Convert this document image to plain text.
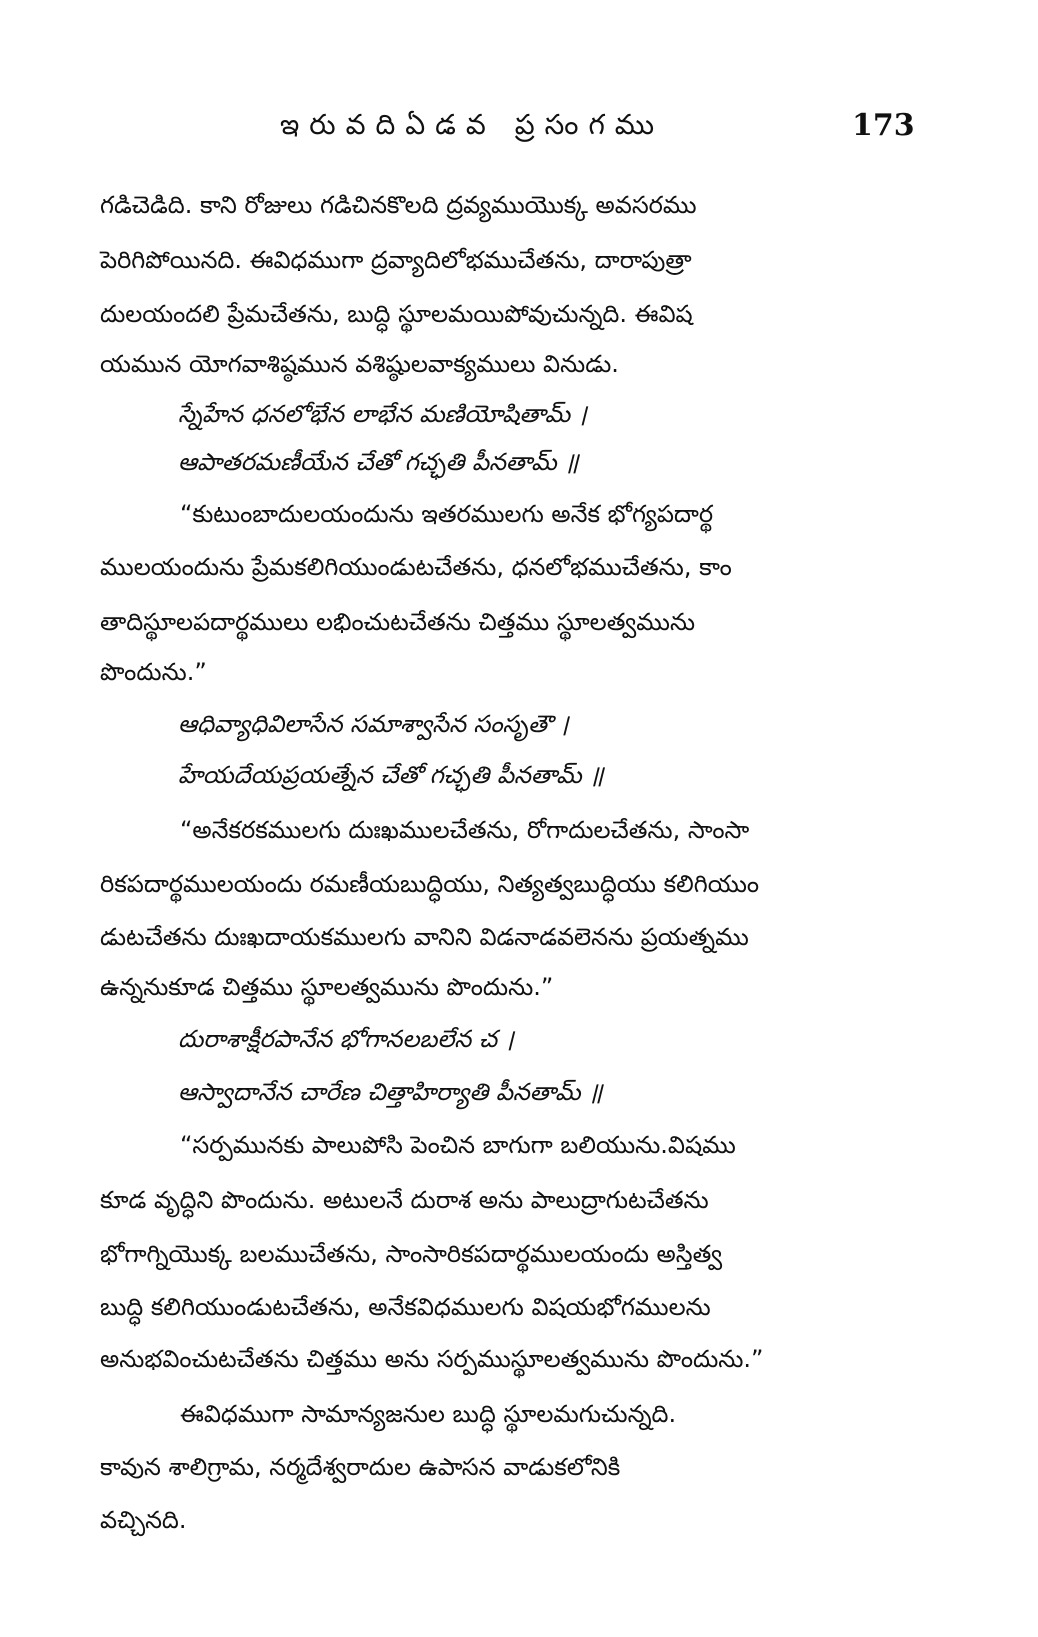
ఇరువదిఏడవ ప్రసంగము	173
గడిచెడిది. కాని రోజులు గడిచినకొలది ద్రవ్యముయొక్క అవసరము
పెరిగిపోయినది. ఈవిధముగా ద్రవ్యాదిలోభముచేతను, దారాపుత్రా
దులయందలి ప్రేమచేతను, బుద్ధి స్థూలమయిపోవుచున్నది. ఈవిష
యమున యోగవాశిష్ఠమున వశిష్ఠులవాక్యములు వినుడు.
స్నేహేన ధనలోభేన లాభేన మణియోషితామ్ ।
ఆపాతరమణీయేన చేతో గచ్ఛతి పీనతామ్ ॥
“కుటుంబాదులయందును ఇతరములగు అనేక భోగ్యపదార్థ
ములయందును ప్రేమకలిగియుండుటచేతను, ధనలోభముచేతను, కాం
తాదిస్థూలపదార్థములు లభించుటచేతను చిత్తము స్థూలత్వమును
పొందును.”
ఆధివ్యాధివిలాసేన సమాశ్వాసేన సంసృతౌ ।
హేయదేయప్రయత్నేన చేతో గచ్ఛతి పీనతామ్ ॥
“అనేకరకములగు దుఃఖములచేతను, రోగాదులచేతను, సాంసా
రికపదార్థములయందు రమణీయబుద్ధియు, నిత్యత్వబుద్ధియు కలిగియుం
డుటచేతను దుఃఖదాయకములగు వానిని విడనాడవలెనను ప్రయత్నము
ఉన్ననుకూడ చిత్తము స్థూలత్వమును పొందును.”
దురాశాక్షీరపానేన భోగానలబలేన చ ।
ఆస్వాదానేన చారేణ చిత్తాహిర్యాతి పీనతామ్ ॥
“సర్పమునకు పాలుపోసి పెంచిన బాగుగా బలియును.విషము
కూడ వృద్ధిని పొందును. అటులనే దురాశ అను పాలుద్రాగుటచేతను
భోగాగ్నియొక్క బలముచేతను, సాంసారికపదార్థములయందు అస్తిత్వ
బుద్ధి కలిగియుండుటచేతను, అనేకవిధములగు విషయభోగములను
అనుభవించుటచేతను చిత్తము అను సర్పముస్థూలత్వమును పొందును.”
ఈవిధముగా సామాన్యజనుల బుద్ధి స్థూలమగుచున్నది.
కావున శాలిగ్రామ, నర్మదేశ్వరాదుల ఉపాసన వాడుకలోనికి
వచ్చినది.
